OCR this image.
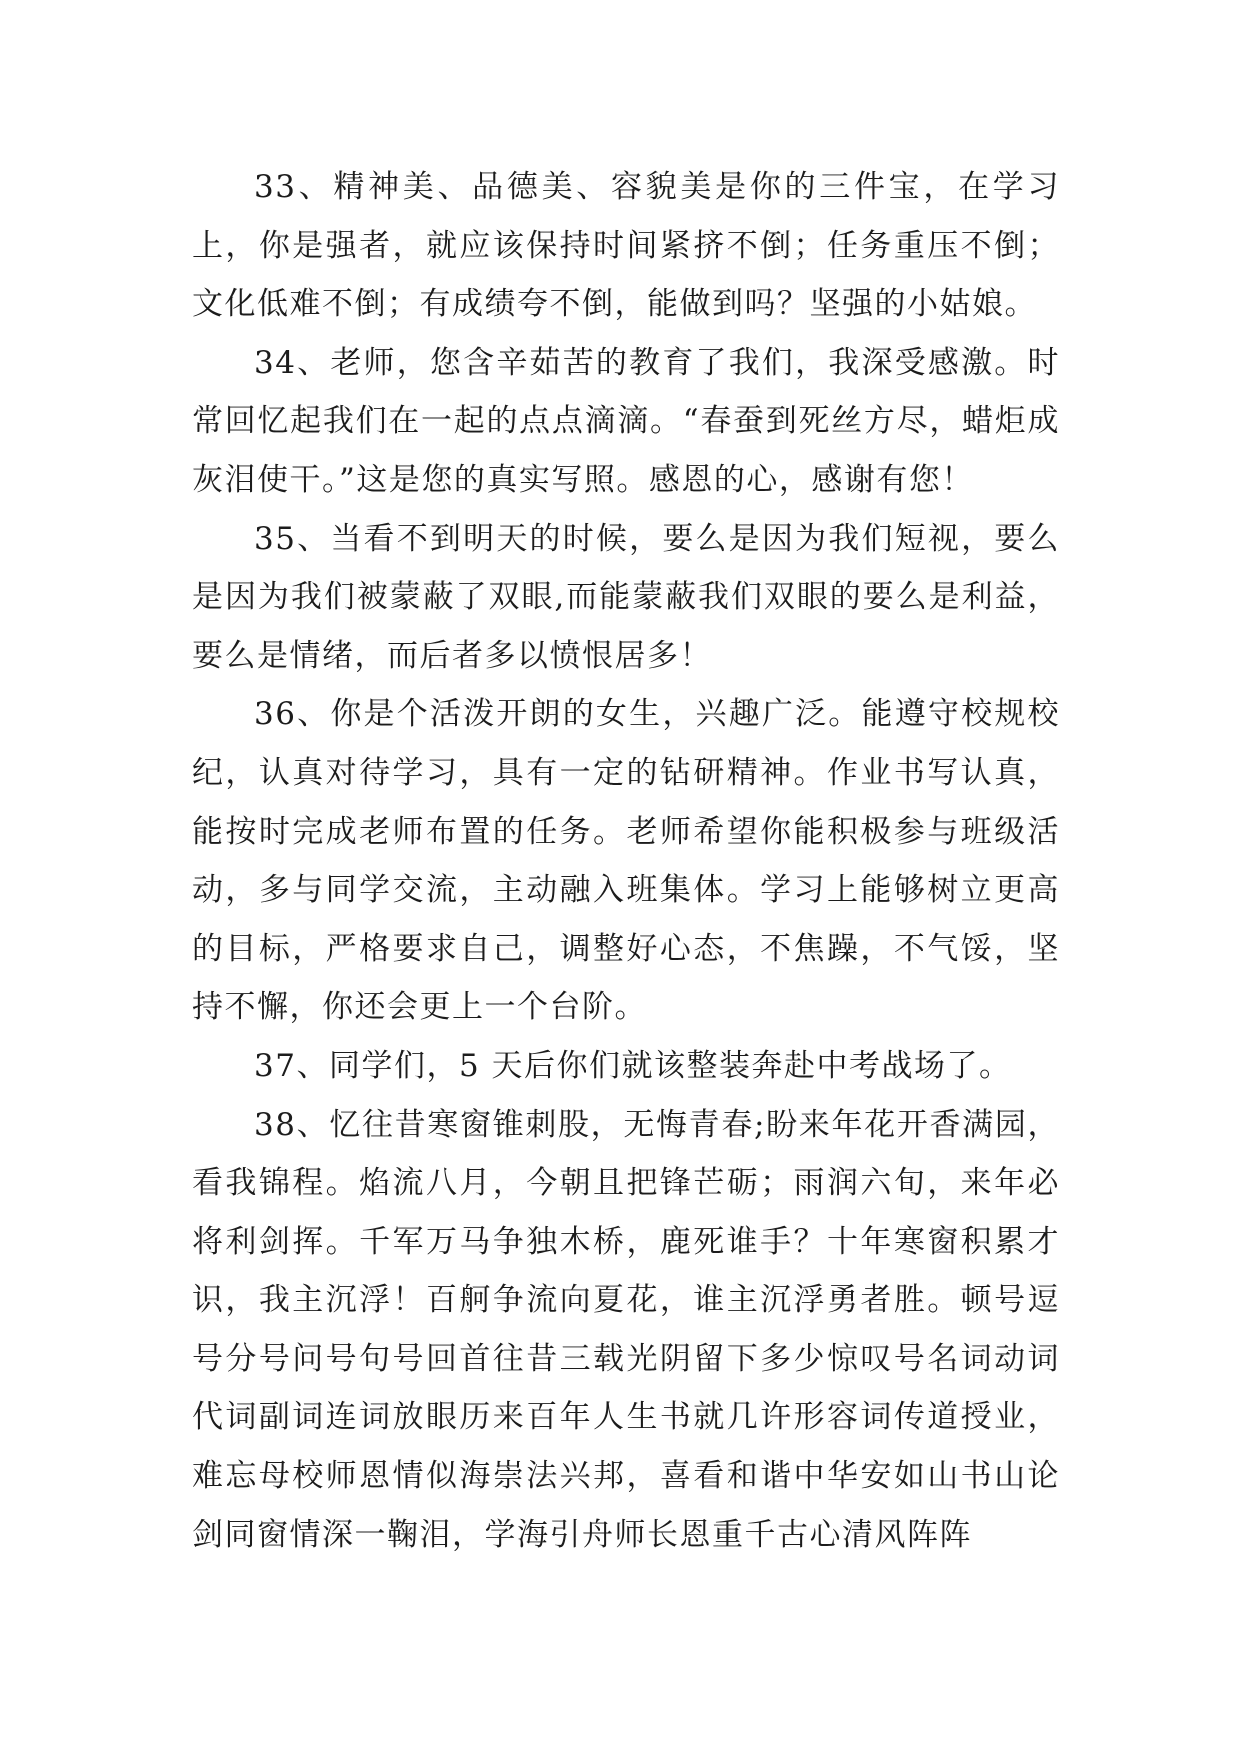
33、精神美、品德美、容貌美是你的三件宝，在学习上，你是强者，就应该保持时间紧挤不倒；任务重压不倒；文化低难不倒；有成绩夸不倒，能做到吗？坚强的小姑娘。

34、老师，您含辛茹苦的教育了我们，我深受感激。时常回忆起我们在一起的点点滴滴。“春蚕到死丝方尽，蜡炬成灰泪使干。”这是您的真实写照。感恩的心，感谢有您！

35、当看不到明天的时候，要么是因为我们短视，要么是因为我们被蒙蔽了双眼,而能蒙蔽我们双眼的要么是利益，要么是情绪，而后者多以愤恨居多！

36、你是个活泼开朗的女生，兴趣广泛。能遵守校规校纪，认真对待学习，具有一定的钻研精神。作业书写认真，能按时完成老师布置的任务。老师希望你能积极参与班级活动，多与同学交流，主动融入班集体。学习上能够树立更高的目标，严格要求自己，调整好心态，不焦躁，不气馁，坚持不懈，你还会更上一个台阶。

37、同学们，5 天后你们就该整装奔赴中考战场了。

38、忆往昔寒窗锥刺股，无悔青春;盼来年花开香满园，看我锦程。焰流八月，今朝且把锋芒砺；雨润六旬，来年必将利剑挥。千军万马争独木桥，鹿死谁手？十年寒窗积累才识，我主沉浮！百舸争流向夏花，谁主沉浮勇者胜。顿号逗号分号问号句号回首往昔三载光阴留下多少惊叹号名词动词代词副词连词放眼历来百年人生书就几许形容词传道授业，难忘母校师恩情似海崇法兴邦，喜看和谐中华安如山书山论剑同窗情深一鞠泪，学海引舟师长恩重千古心清风阵阵
